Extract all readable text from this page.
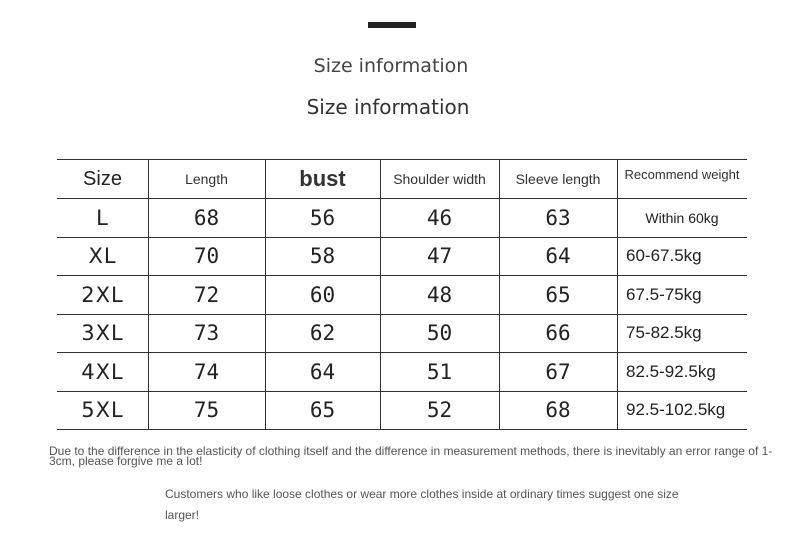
Size information
Size information
Size	Length	bust	Shoulder width	Sleeve length	Recommend weight
L	68	56	46	63	Within 60kg
XL	70	58	47	64	60-67.5kg
2XL	72	60	48	65	67.5-75kg
3XL	73	62	50	66	75-82.5kg
4XL	74	64	51	67	82.5-92.5kg
5XL	75	65	52	68	92.5-102.5kg
Due to the difference in the elasticity of clothing itself and the difference in measurement methods, there is inevitably an error range of 1-3cm, please forgive me a lot!
Customers who like loose clothes or wear more clothes inside at ordinary times suggest one size larger!
